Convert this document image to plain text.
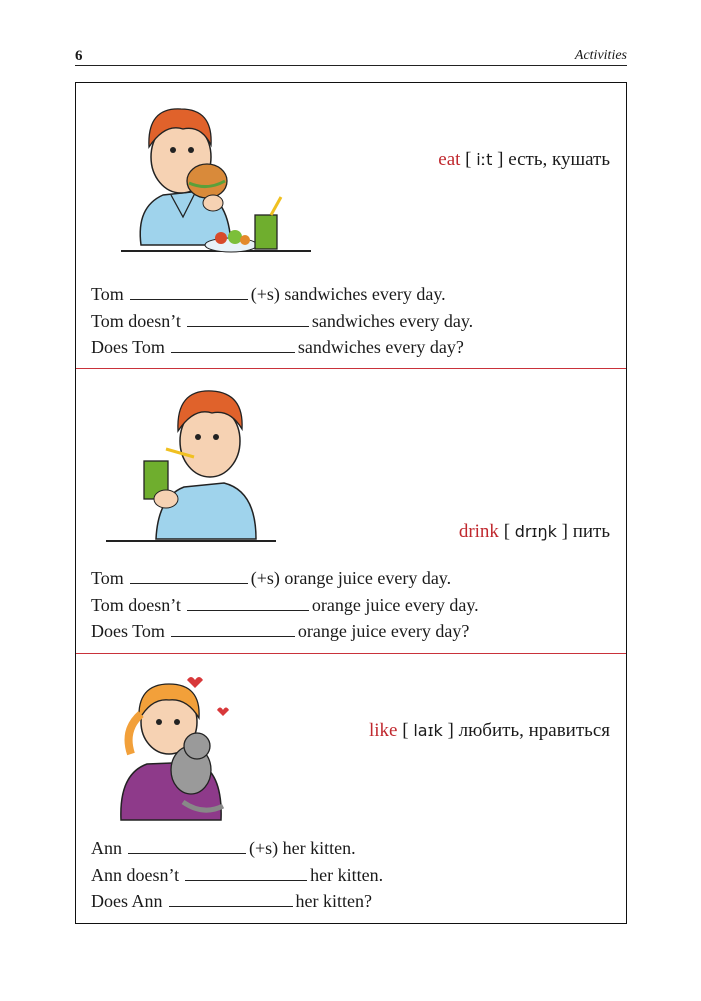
6	Activities
eat [ iːt ] есть, кушать
Tom	(+s) sandwiches every day.
Tom doesn’t	sandwiches every day.
Does Tom	sandwiches every day?
drink [ drɪŋk ] пить
Tom	(+s) orange juice every day.
Tom doesn’t	orange juice every day.
Does Tom	orange juice every day?
like [ laɪk ] любить, нравиться
Ann	(+s) her kitten.
Ann doesn’t	her kitten.
Does Ann	her kitten?
